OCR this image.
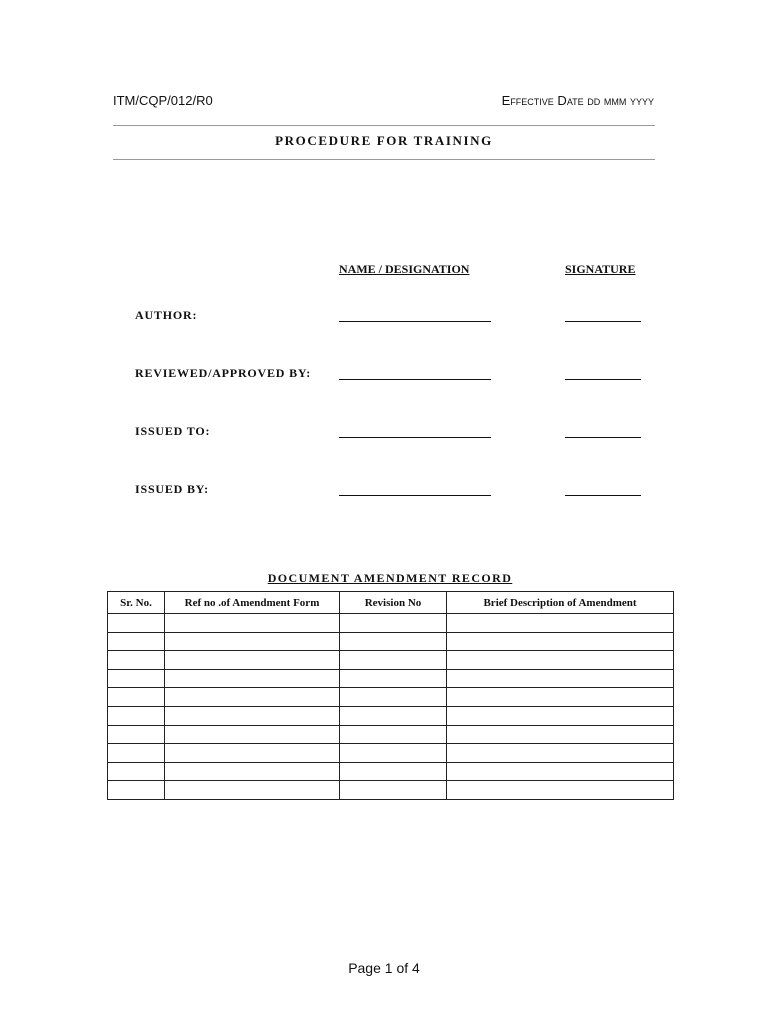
ITM/CQP/012/R0	Effective Date dd mmm yyyy
PROCEDURE FOR TRAINING
NAME / DESIGNATION	SIGNATURE
AUTHOR:
REVIEWED/APPROVED BY:
ISSUED TO:
ISSUED BY:
DOCUMENT AMENDMENT RECORD
Sr. No.	Ref no .of Amendment Form	Revision No	Brief Description of Amendment

Page 1 of 4
